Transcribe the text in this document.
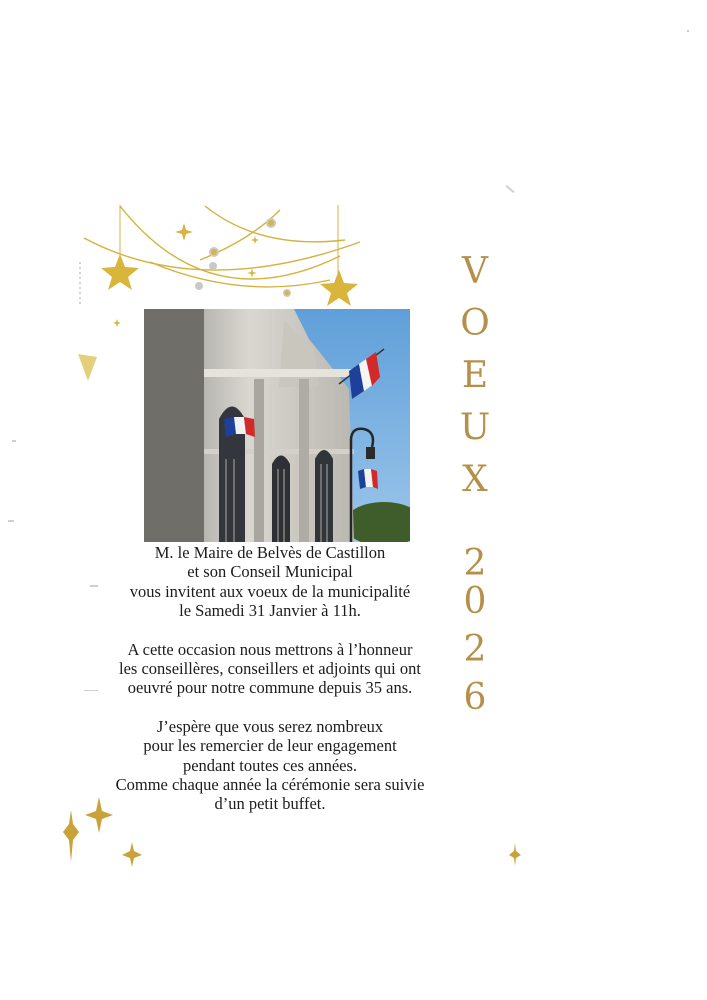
M. le Maire de Belvès de Castillon
et son Conseil Municipal
vous invitent aux voeux de la municipalité
le Samedi 31 Janvier à 11h.
A cette occasion nous mettrons à l’honneur
les conseillères, conseillers et adjoints qui ont
oeuvré pour notre commune depuis 35 ans.
J’espère que vous serez nombreux
pour les remercier de leur engagement
pendant toutes ces années.
Comme chaque année la cérémonie sera suivie
d’un petit buffet.
V
O
E
U
X
2
0
2
6
